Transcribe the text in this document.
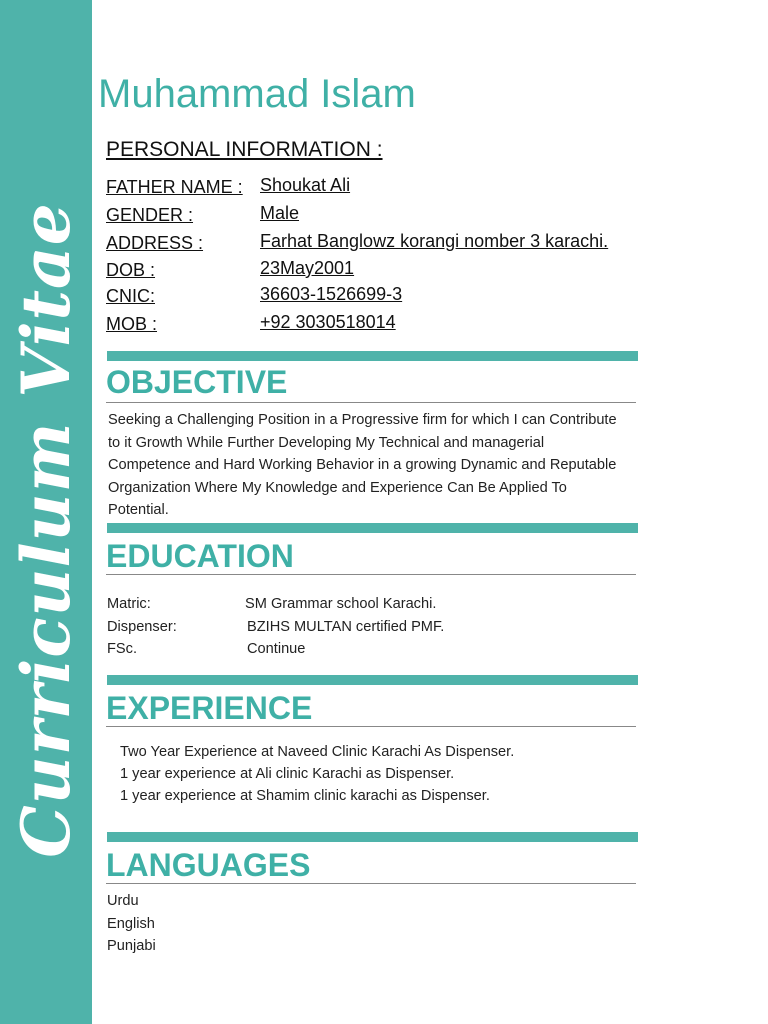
Curriculum Vitae
Muhammad Islam
PERSONAL INFORMATION :
FATHER NAME : Shoukat Ali
GENDER :	Male
ADDRESS :	Farhat Banglowz korangi nomber 3 karachi.
DOB :	23May2001
CNIC:	36603-1526699-3
MOB :	+92 3030518014
OBJECTIVE
Seeking a Challenging Position in a Progressive firm for which I can Contribute
to it Growth While Further Developing My Technical and managerial
Competence and Hard Working Behavior in a growing Dynamic and Reputable
Organization Where My Knowledge and Experience Can Be Applied To
Potential.
EDUCATION
Matric:	SM Grammar school Karachi.
Dispenser:	BZIHS MULTAN certified PMF.
FSc.	Continue
EXPERIENCE
Two Year Experience at Naveed Clinic Karachi As Dispenser.
1 year experience at Ali clinic Karachi as Dispenser.
1 year experience at Shamim clinic karachi as Dispenser.
LANGUAGES
Urdu
English
Punjabi
